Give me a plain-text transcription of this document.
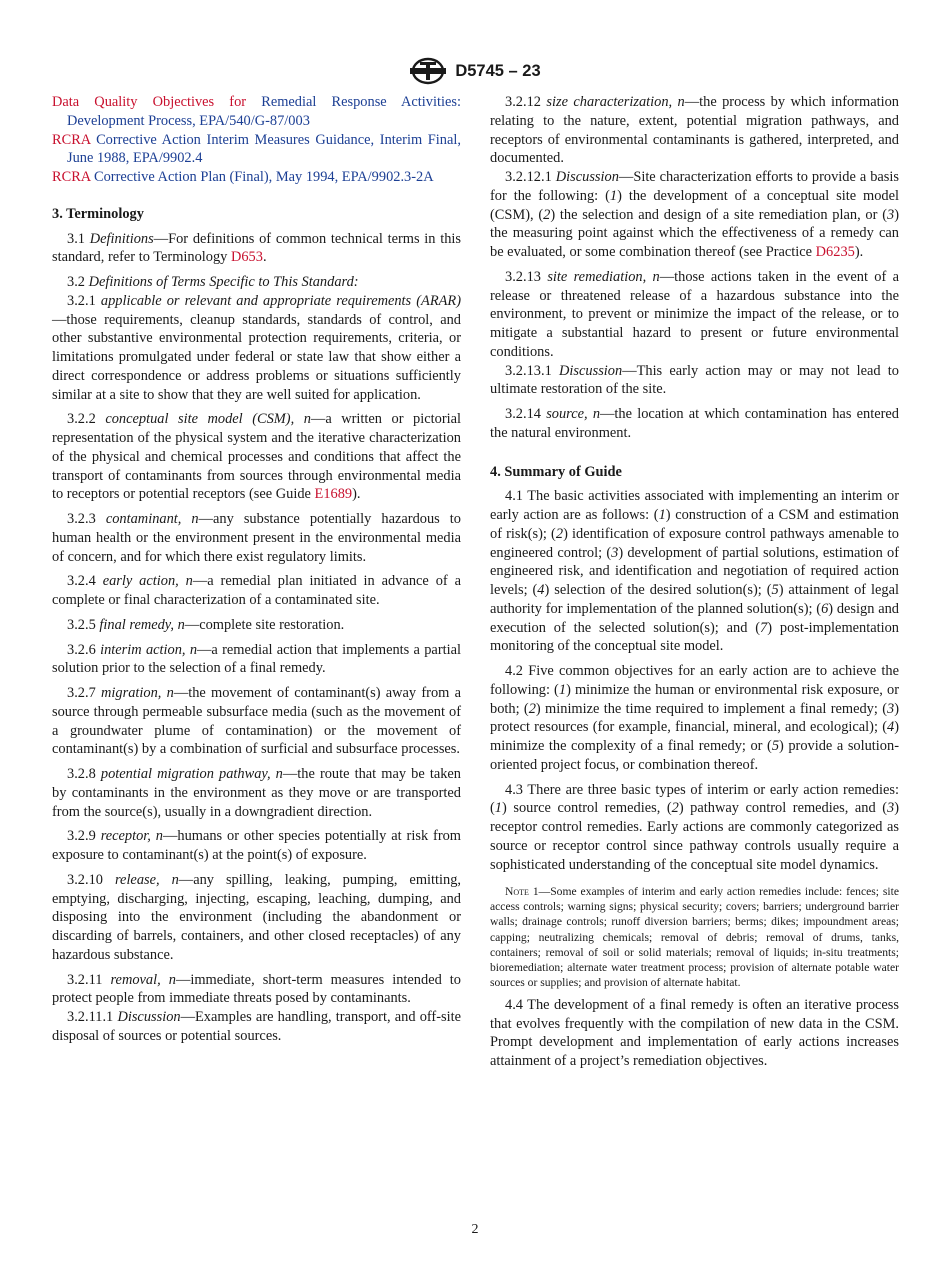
D5745 – 23
Data Quality Objectives for Remedial Response Activities: Development Process, EPA/540/G-87/003
RCRA Corrective Action Interim Measures Guidance, Interim Final, June 1988, EPA/9902.4
RCRA Corrective Action Plan (Final), May 1994, EPA/9902.3-2A
3. Terminology

3.1 Definitions—For definitions of common technical terms in this standard, refer to Terminology D653.

3.2 Definitions of Terms Specific to This Standard:

3.2.1 applicable or relevant and appropriate requirements (ARAR)—those requirements, cleanup standards, standards of control, and other substantive environmental protection requirements, criteria, or limitations promulgated under federal or state law that show either a direct correspondence or address problems or situations sufficiently similar at a site to show that they are well suited for application.

3.2.2 conceptual site model (CSM), n—a written or pictorial representation of the physical system and the iterative characterization of the physical and chemical processes and conditions that affect the transport of contaminants from sources through environmental media to receptors or potential receptors (see Guide E1689).

3.2.3 contaminant, n—any substance potentially hazardous to human health or the environment present in the environmental media of concern, and for which there exist regulatory limits.

3.2.4 early action, n—a remedial plan initiated in advance of a complete or final characterization of a contaminated site.

3.2.5 final remedy, n—complete site restoration.

3.2.6 interim action, n—a remedial action that implements a partial solution prior to the selection of a final remedy.

3.2.7 migration, n—the movement of contaminant(s) away from a source through permeable subsurface media (such as the movement of a groundwater plume of contamination) or the movement of contaminant(s) by a combination of surficial and subsurface processes.

3.2.8 potential migration pathway, n—the route that may be taken by contaminants in the environment as they move or are transported from the source(s), usually in a downgradient direction.

3.2.9 receptor, n—humans or other species potentially at risk from exposure to contaminant(s) at the point(s) of exposure.

3.2.10 release, n—any spilling, leaking, pumping, emitting, emptying, discharging, injecting, escaping, leaching, dumping, and disposing into the environment (including the abandonment or discarding of barrels, containers, and other closed receptacles) of any hazardous substance.

3.2.11 removal, n—immediate, short-term measures intended to protect people from immediate threats posed by contaminants.

3.2.11.1 Discussion—Examples are handling, transport, and off-site disposal of sources or potential sources.

3.2.12 size characterization, n—the process by which information relating to the nature, extent, potential migration pathways, and receptors of environmental contaminants is gathered, interpreted, and documented.

3.2.12.1 Discussion—Site characterization efforts to provide a basis for the following: (1) the development of a conceptual site model (CSM), (2) the selection and design of a site remediation plan, or (3) the measuring point against which the effectiveness of a remedy can be evaluated, or some combination thereof (see Practice D6235).

3.2.13 site remediation, n—those actions taken in the event of a release or threatened release of a hazardous substance into the environment, to prevent or minimize the impact of the release, or to mitigate a substantial hazard to present or future environmental conditions.

3.2.13.1 Discussion—This early action may or may not lead to ultimate restoration of the site.

3.2.14 source, n—the location at which contamination has entered the natural environment.

4. Summary of Guide

4.1 The basic activities associated with implementing an interim or early action are as follows: (1) construction of a CSM and estimation of risk(s); (2) identification of exposure control pathways amenable to engineered control; (3) development of partial solutions, estimation of engineered risk, and identification and negotiation of required action levels; (4) selection of the desired solution(s); (5) attainment of legal authority for implementation of the planned solution(s); (6) design and execution of the selected solution(s); and (7) post-implementation monitoring of the conceptual site model.

4.2 Five common objectives for an early action are to achieve the following: (1) minimize the human or environmental risk exposure, or both; (2) minimize the time required to implement a final remedy; (3) protect resources (for example, financial, mineral, and ecological); (4) minimize the complexity of a final remedy; or (5) provide a solution-oriented project focus, or combination thereof.

4.3 There are three basic types of interim or early action remedies: (1) source control remedies, (2) pathway control remedies, and (3) receptor control remedies. Early actions are commonly categorized as source or receptor control since pathway controls usually require a sophisticated understanding of the conceptual site model dynamics.

Note 1—Some examples of interim and early action remedies include: fences; site access controls; warning signs; physical security; covers; barriers; underground barrier walls; drainage controls; runoff diversion barriers; berms; dikes; impoundment areas; capping; neutralizing chemicals; removal of debris; removal of drums, tanks, containers; removal of soil or solid materials; removal of liquids; in-situ treatments; bioremediation; alternate water treatment process; provision of alternate potable water sources or supplies; and provision of alternate habitat.

4.4 The development of a final remedy is often an iterative process that evolves frequently with the compilation of new data in the CSM. Prompt development and implementation of early actions increases attainment of a project’s remediation objectives.

2
